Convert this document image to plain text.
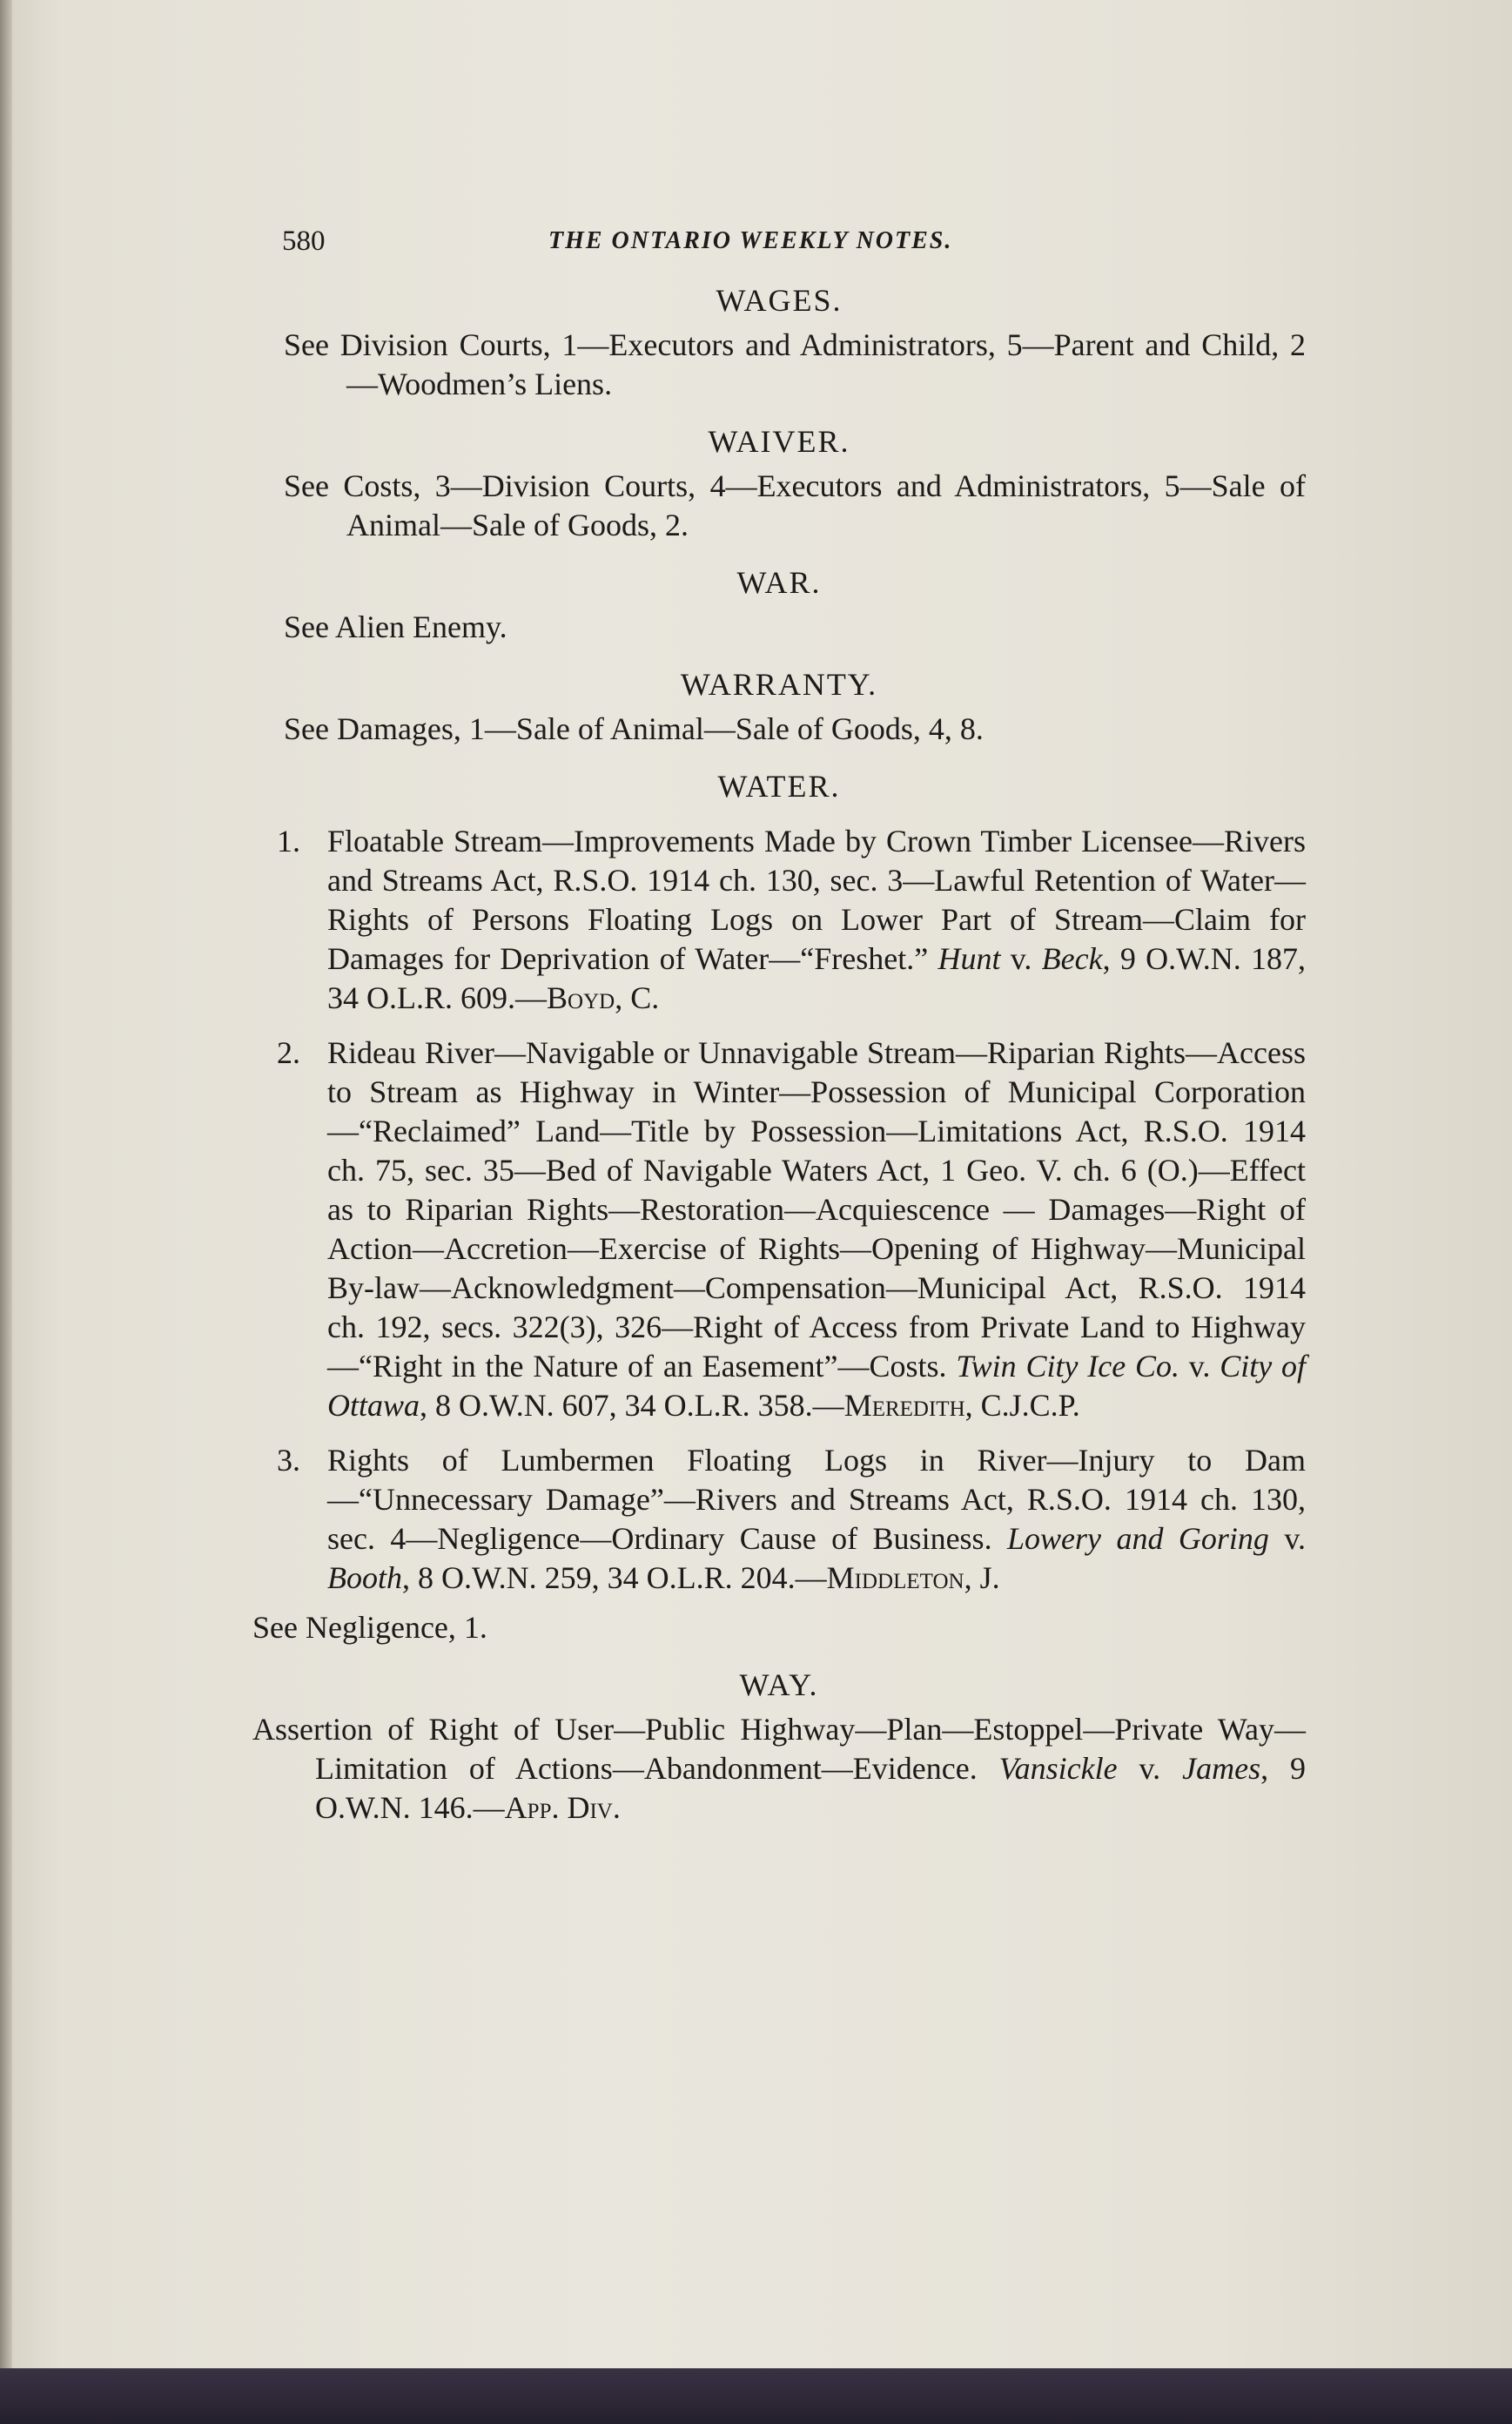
580	THE ONTARIO WEEKLY NOTES.
WAGES.
See Division Courts, 1—Executors and Administrators, 5—Parent and Child, 2—Woodmen’s Liens.
WAIVER.
See Costs, 3—Division Courts, 4—Executors and Administrators, 5—Sale of Animal—Sale of Goods, 2.
WAR.
See Alien Enemy.
WARRANTY.
See Damages, 1—Sale of Animal—Sale of Goods, 4, 8.
WATER.
1. Floatable Stream—Improvements Made by Crown Timber Licensee—Rivers and Streams Act, R.S.O. 1914 ch. 130, sec. 3—Lawful Retention of Water—Rights of Persons Floating Logs on Lower Part of Stream—Claim for Damages for Deprivation of Water—“Freshet.” Hunt v. Beck, 9 O.W.N. 187, 34 O.L.R. 609.—Boyd, C.
2. Rideau River—Navigable or Unnavigable Stream—Riparian Rights—Access to Stream as Highway in Winter—Possession of Municipal Corporation—“Reclaimed” Land—Title by Possession—Limitations Act, R.S.O. 1914 ch. 75, sec. 35—Bed of Navigable Waters Act, 1 Geo. V. ch. 6 (O.)—Effect as to Riparian Rights—Restoration—Acquiescence — Damages—Right of Action—Accretion—Exercise of Rights—Opening of Highway—Municipal By-law—Acknowledgment—Compensation—Municipal Act, R.S.O. 1914 ch. 192, secs. 322(3), 326—Right of Access from Private Land to Highway—“Right in the Nature of an Easement”—Costs. Twin City Ice Co. v. City of Ottawa, 8 O.W.N. 607, 34 O.L.R. 358.—Meredith, C.J.C.P.
3. Rights of Lumbermen Floating Logs in River—Injury to Dam —“Unnecessary Damage”—Rivers and Streams Act, R.S.O. 1914 ch. 130, sec. 4—Negligence—Ordinary Cause of Business. Lowery and Goring v. Booth, 8 O.W.N. 259, 34 O.L.R. 204.—Middleton, J.
See Negligence, 1.
WAY.
Assertion of Right of User—Public Highway—Plan—Estoppel—Private Way—Limitation of Actions—Abandonment—Evidence. Vansickle v. James, 9 O.W.N. 146.—App. Div.
